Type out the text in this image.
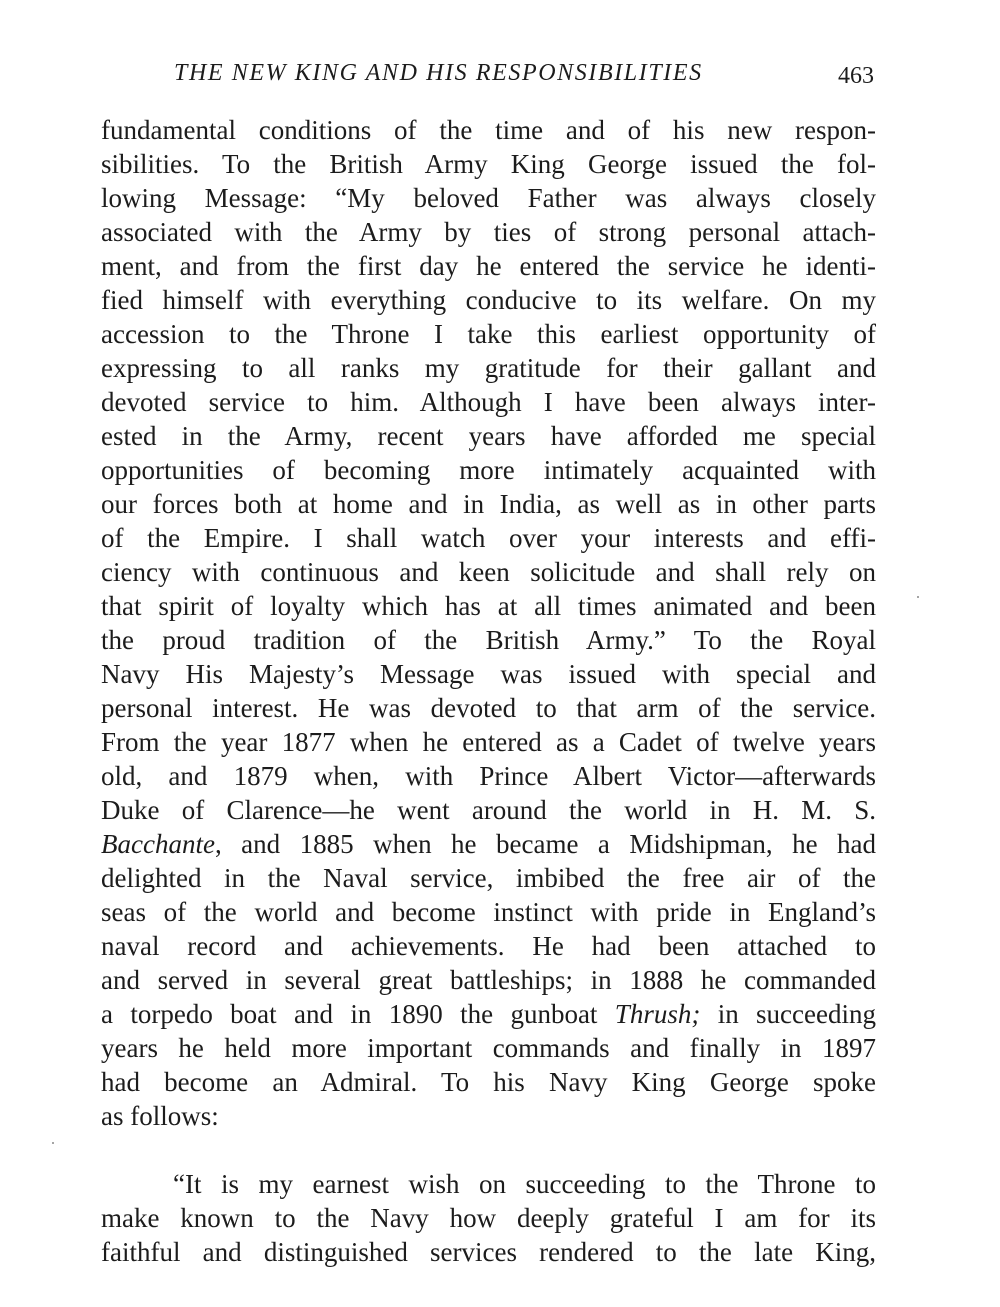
THE NEW KING AND HIS RESPONSIBILITIES	463
fundamental conditions of the time and of his new respon-
sibilities. To the British Army King George issued the fol-
lowing Message: “My beloved Father was always closely
associated with the Army by ties of strong personal attach-
ment, and from the first day he entered the service he identi-
fied himself with everything conducive to its welfare. On my
accession to the Throne I take this earliest opportunity of
expressing to all ranks my gratitude for their gallant and
devoted service to him. Although I have been always inter-
ested in the Army, recent years have afforded me special
opportunities of becoming more intimately acquainted with
our forces both at home and in India, as well as in other parts
of the Empire. I shall watch over your interests and effi-
ciency with continuous and keen solicitude and shall rely on
that spirit of loyalty which has at all times animated and been
the proud tradition of the British Army.” To the Royal
Navy His Majesty’s Message was issued with special and
personal interest. He was devoted to that arm of the service.
From the year 1877 when he entered as a Cadet of twelve years
old, and 1879 when, with Prince Albert Victor—afterwards
Duke of Clarence—he went around the world in H. M. S.
Bacchante, and 1885 when he became a Midshipman, he had
delighted in the Naval service, imbibed the free air of the
seas of the world and become instinct with pride in England’s
naval record and achievements. He had been attached to
and served in several great battleships; in 1888 he commanded
a torpedo boat and in 1890 the gunboat Thrush; in succeeding
years he held more important commands and finally in 1897
had become an Admiral. To his Navy King George spoke
as follows:
“It is my earnest wish on succeeding to the Throne to
make known to the Navy how deeply grateful I am for its
faithful and distinguished services rendered to the late King,
